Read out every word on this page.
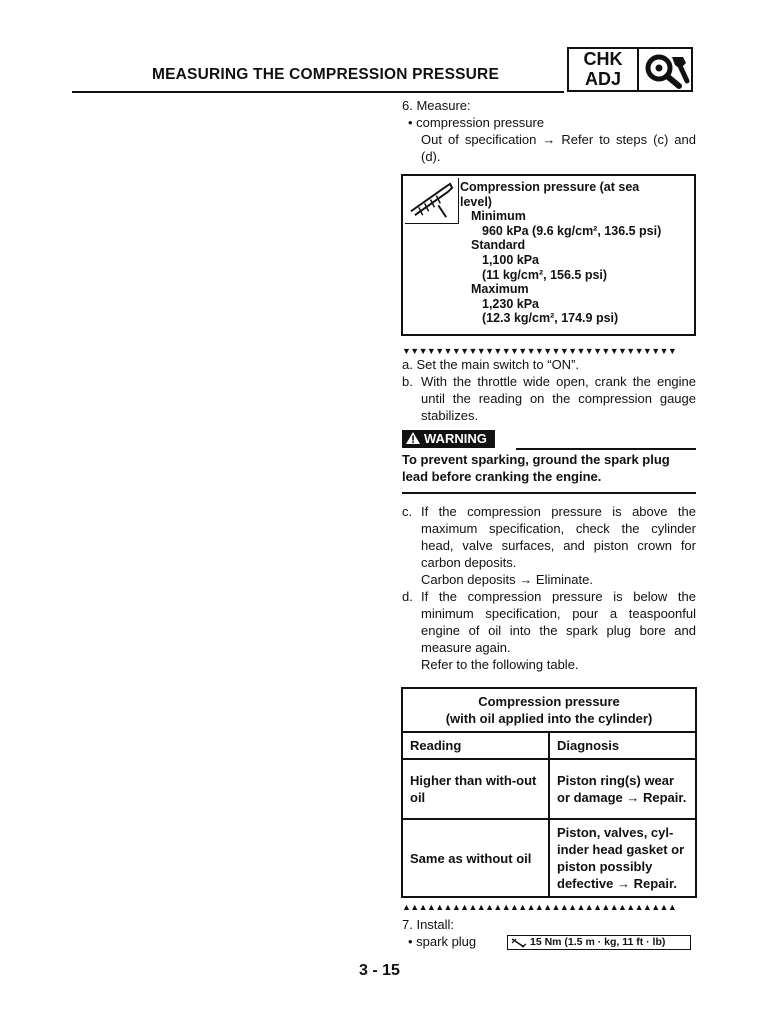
MEASURING THE COMPRESSION PRESSURE
CHK
ADJ
6. Measure:
• compression pressure
Out of specification → Refer to steps (c) and (d).
Compression pressure (at sea
level)
Minimum
960 kPa (9.6 kg/cm², 136.5 psi)
Standard
1,100 kPa
(11 kg/cm², 156.5 psi)
Maximum
1,230 kPa
(12.3 kg/cm², 174.9 psi)
▼▼▼▼▼▼▼▼▼▼▼▼▼▼▼▼▼▼▼▼▼▼▼▼▼▼▼▼▼▼▼▼▼
a. Set the main switch to “ON”.
b. With the throttle wide open, crank the engine until the reading on the compression gauge stabilizes.
WARNING
To prevent sparking, ground the spark plug lead before cranking the engine.
c. If the compression pressure is above the maximum specification, check the cylinder head, valve surfaces, and piston crown for carbon deposits.
Carbon deposits → Eliminate.
d. If the compression pressure is below the minimum specification, pour a teaspoonful engine of oil into the spark plug bore and measure again.
Refer to the following table.
Compression pressure
(with oil applied into the cylinder)	

Reading	Diagnosis
Higher than with-out oil	Piston ring(s) wear or damage → Repair.
Same as without oil	Piston, valves, cyl-inder head gasket or piston possibly defective → Repair.
▲▲▲▲▲▲▲▲▲▲▲▲▲▲▲▲▲▲▲▲▲▲▲▲▲▲▲▲▲▲▲▲▲
7. Install:
• spark plug	15 Nm (1.5 m · kg, 11 ft · lb)
3 - 15
